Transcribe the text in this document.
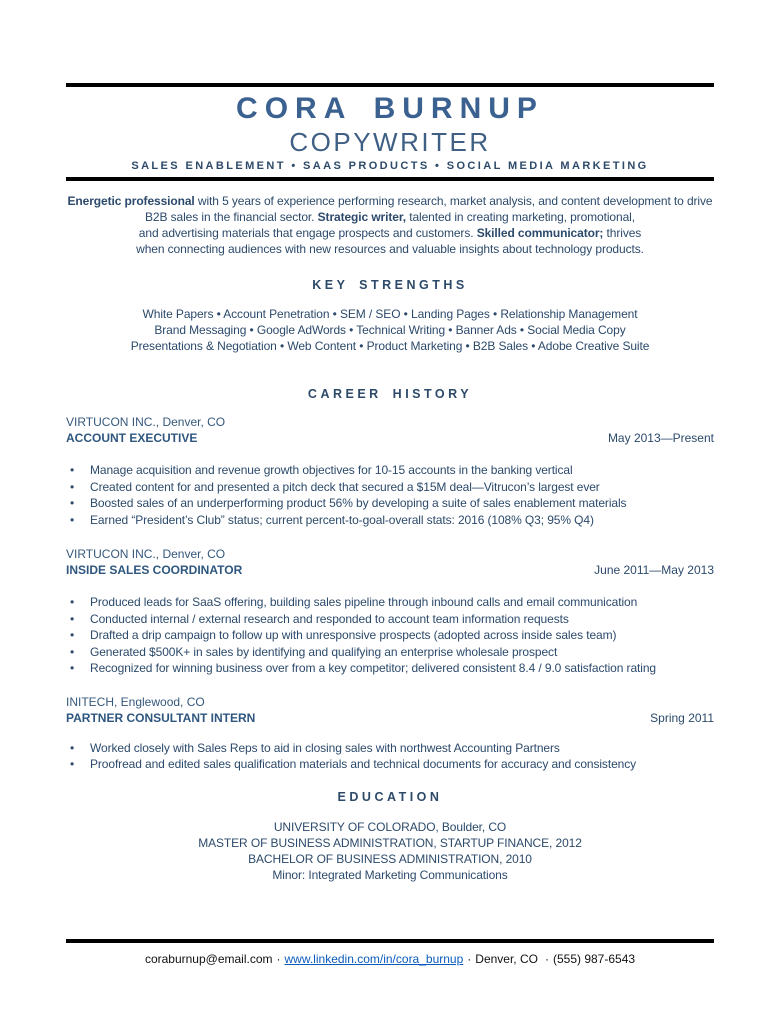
CORA BURNUP
COPYWRITER
SALES ENABLEMENT • SAAS PRODUCTS • SOCIAL MEDIA MARKETING
Energetic professional with 5 years of experience performing research, market analysis, and content development to drive
B2B sales in the financial sector. Strategic writer, talented in creating marketing, promotional,
and advertising materials that engage prospects and customers. Skilled communicator; thrives
when connecting audiences with new resources and valuable insights about technology products.
KEY STRENGTHS
White Papers • Account Penetration • SEM / SEO • Landing Pages • Relationship Management
Brand Messaging • Google AdWords • Technical Writing • Banner Ads • Social Media Copy
Presentations & Negotiation • Web Content • Product Marketing • B2B Sales • Adobe Creative Suite
CAREER HISTORY
VIRTUCON INC., Denver, CO
ACCOUNT EXECUTIVE	May 2013—Present
• Manage acquisition and revenue growth objectives for 10-15 accounts in the banking vertical
• Created content for and presented a pitch deck that secured a $15M deal—Vitrucon’s largest ever
• Boosted sales of an underperforming product 56% by developing a suite of sales enablement materials
• Earned “President’s Club” status; current percent-to-goal-overall stats: 2016 (108% Q3; 95% Q4)
VIRTUCON INC., Denver, CO
INSIDE SALES COORDINATOR	June 2011—May 2013
• Produced leads for SaaS offering, building sales pipeline through inbound calls and email communication
• Conducted internal / external research and responded to account team information requests
• Drafted a drip campaign to follow up with unresponsive prospects (adopted across inside sales team)
• Generated $500K+ in sales by identifying and qualifying an enterprise wholesale prospect
• Recognized for winning business over from a key competitor; delivered consistent 8.4 / 9.0 satisfaction rating
INITECH, Englewood, CO
PARTNER CONSULTANT INTERN	Spring 2011
• Worked closely with Sales Reps to aid in closing sales with northwest Accounting Partners
• Proofread and edited sales qualification materials and technical documents for accuracy and consistency
EDUCATION
UNIVERSITY OF COLORADO, Boulder, CO
MASTER OF BUSINESS ADMINISTRATION, STARTUP FINANCE, 2012
BACHELOR OF BUSINESS ADMINISTRATION, 2010
Minor: Integrated Marketing Communications
coraburnup@email.com · www.linkedin.com/in/cora_burnup · Denver, CO · (555) 987-6543
